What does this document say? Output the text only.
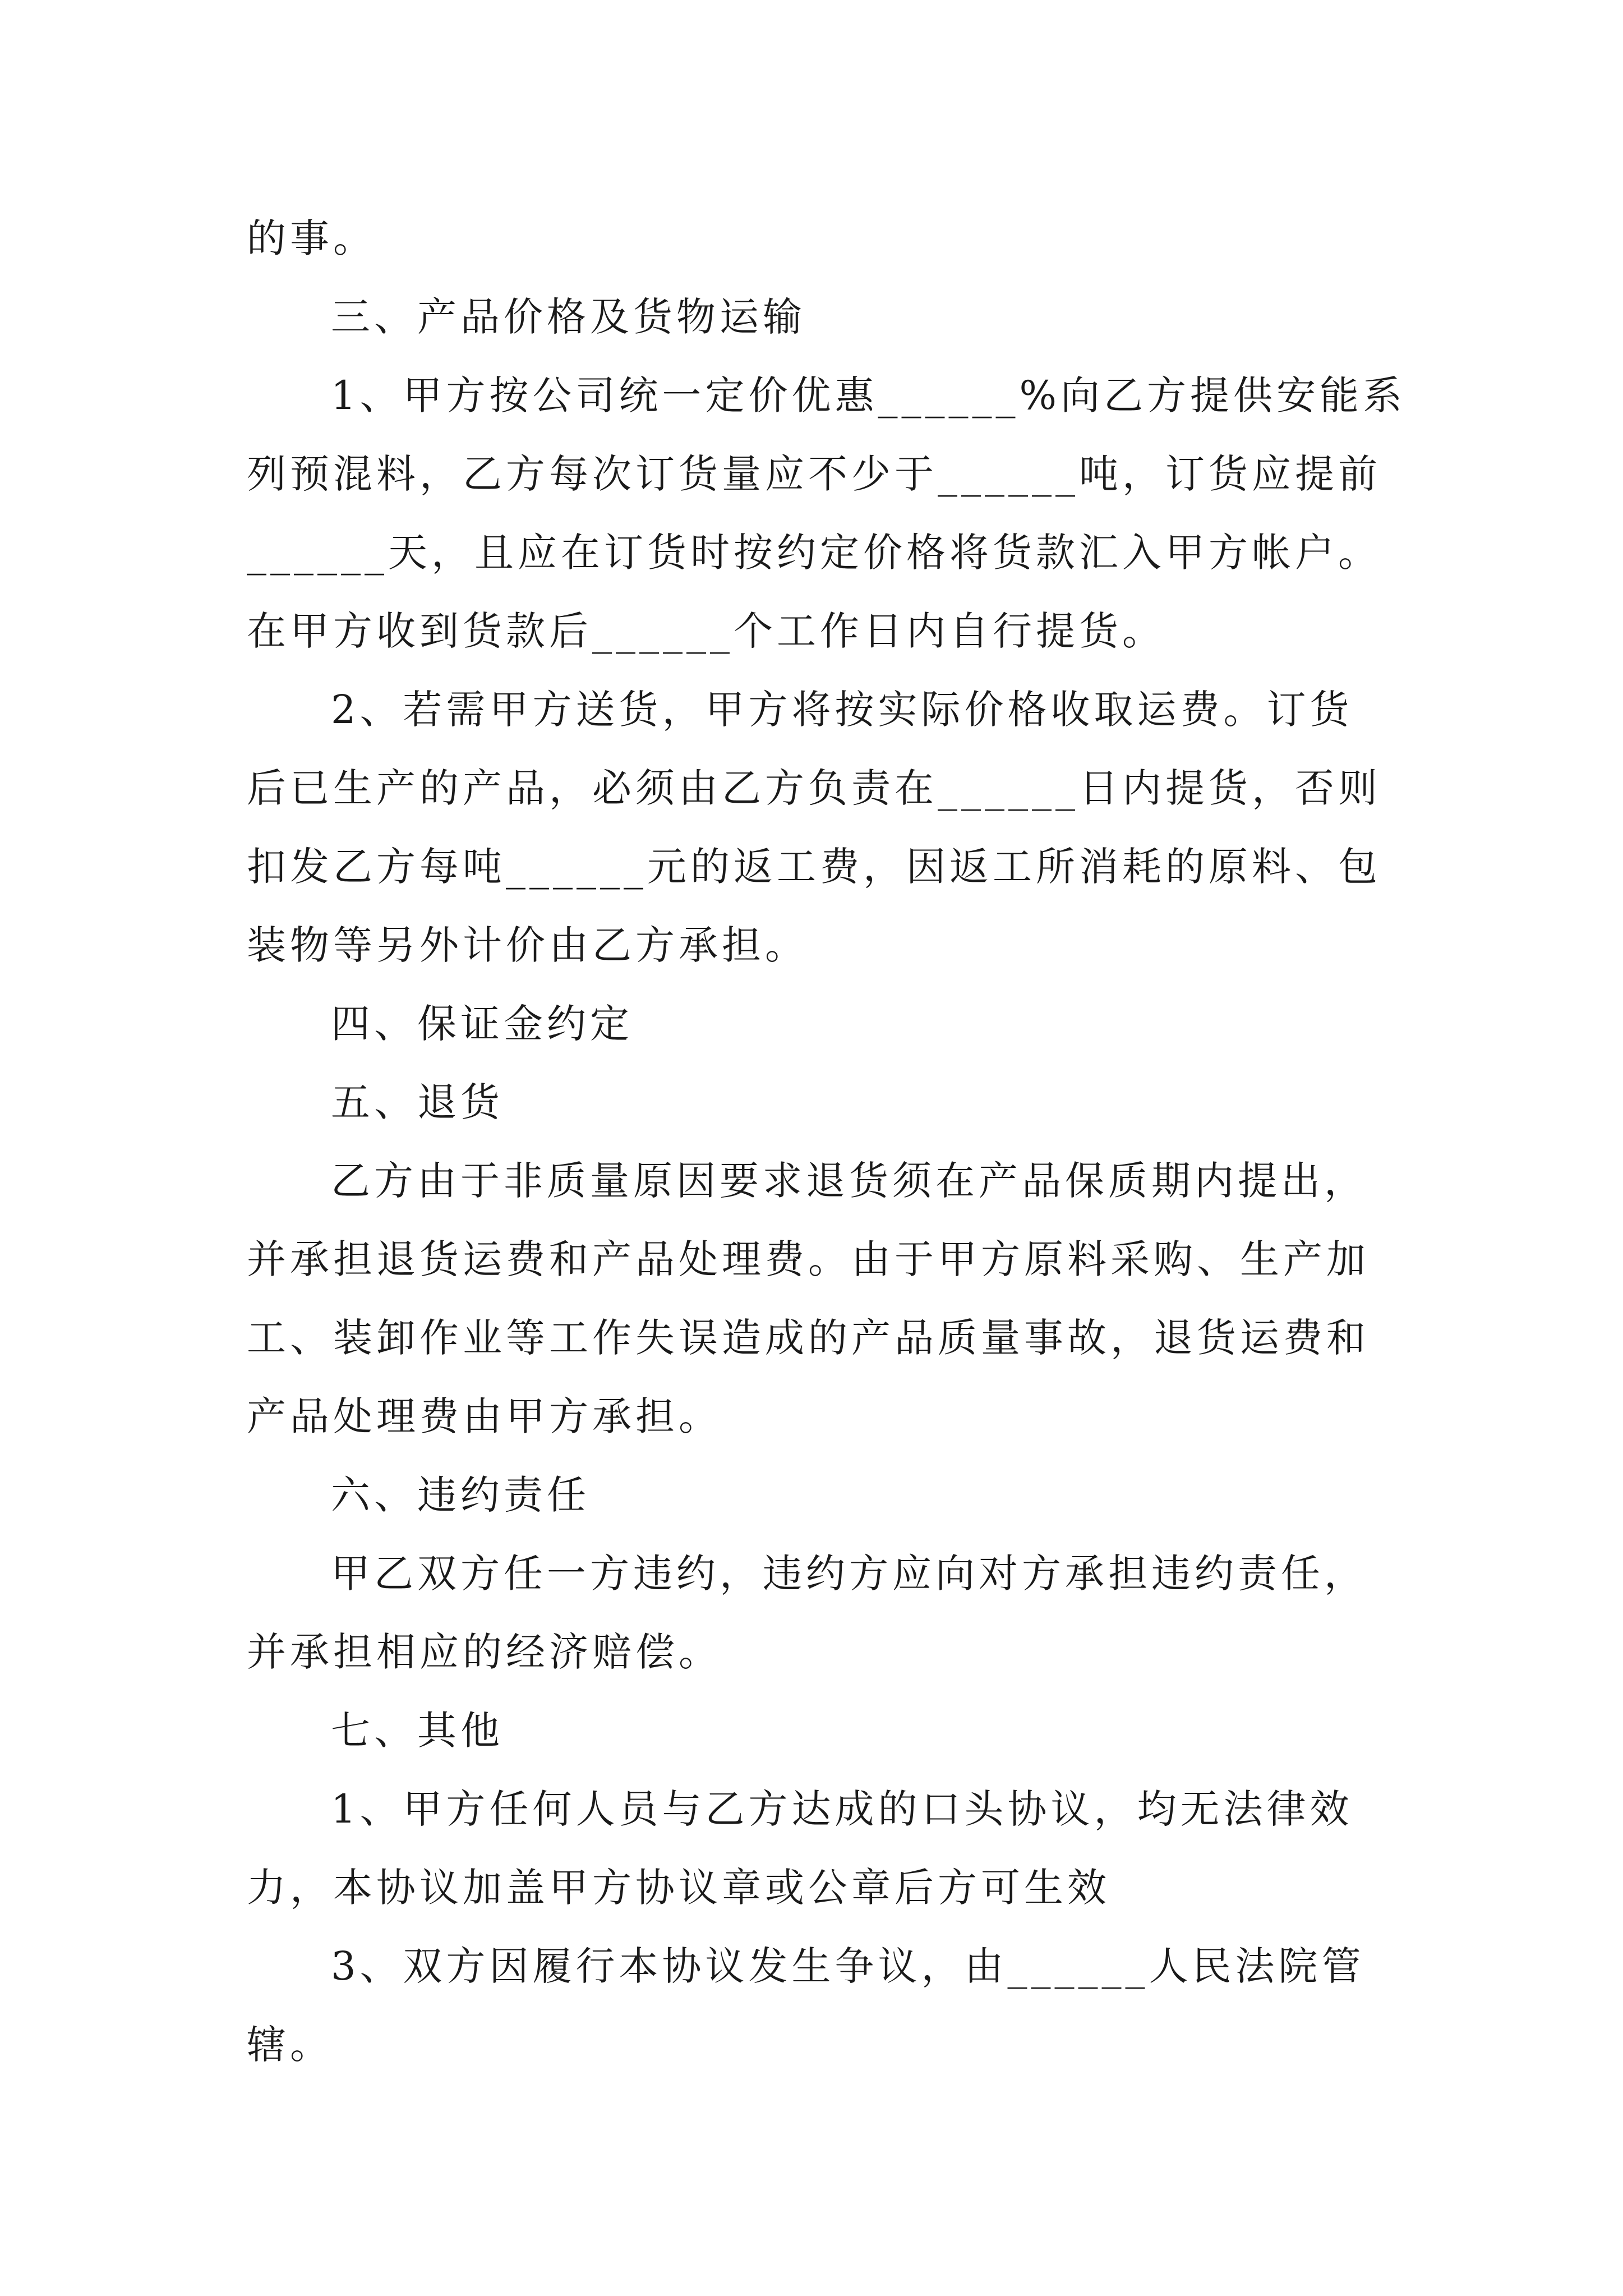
的事。
三、产品价格及货物运输
1、甲方按公司统一定价优惠______%向乙方提供安能系
列预混料，乙方每次订货量应不少于______吨，订货应提前
______天，且应在订货时按约定价格将货款汇入甲方帐户。
在甲方收到货款后______个工作日内自行提货。
2、若需甲方送货，甲方将按实际价格收取运费。订货
后已生产的产品，必须由乙方负责在______日内提货，否则
扣发乙方每吨______元的返工费，因返工所消耗的原料、包
装物等另外计价由乙方承担。
四、保证金约定
五、退货
乙方由于非质量原因要求退货须在产品保质期内提出，
并承担退货运费和产品处理费。由于甲方原料采购、生产加
工、装卸作业等工作失误造成的产品质量事故，退货运费和
产品处理费由甲方承担。
六、违约责任
甲乙双方任一方违约，违约方应向对方承担违约责任，
并承担相应的经济赔偿。
七、其他
1、甲方任何人员与乙方达成的口头协议，均无法律效
力，本协议加盖甲方协议章或公章后方可生效
3、双方因履行本协议发生争议，由______人民法院管
辖。
